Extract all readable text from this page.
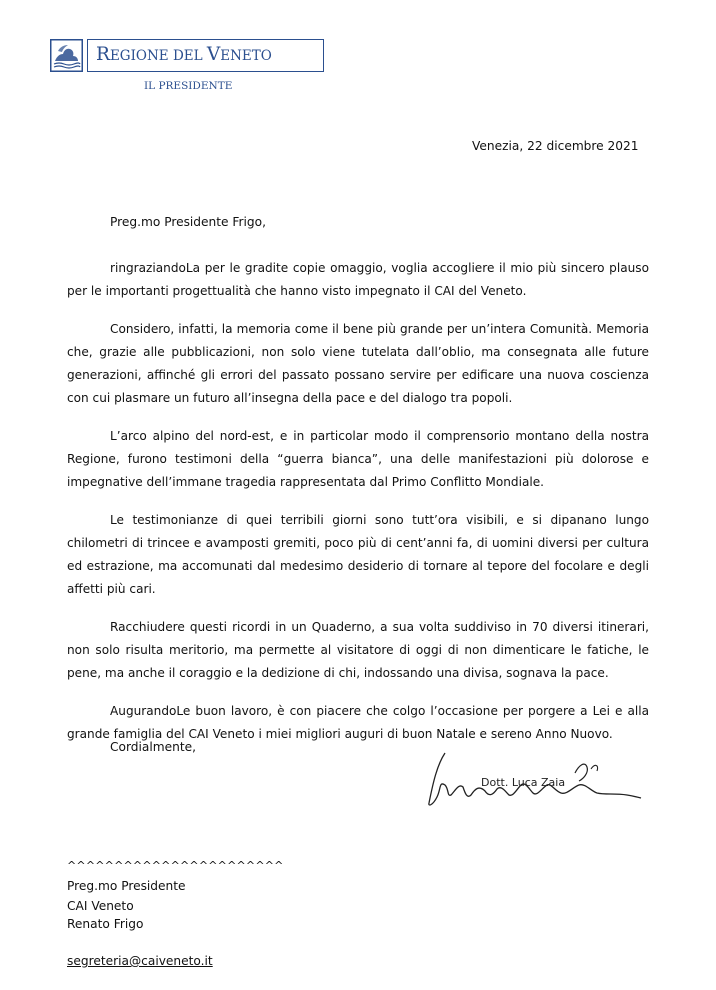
REGIONE DEL VENETO
IL PRESIDENTE
Venezia, 22 dicembre 2021
Preg.mo Presidente Frigo,

ringraziandoLa per le gradite copie omaggio, voglia accogliere il mio più sincero plauso per le importanti progettualità che hanno visto impegnato il CAI del Veneto.

Considero, infatti, la memoria come il bene più grande per un’intera Comunità. Memoria che, grazie alle pubblicazioni, non solo viene tutelata dall’oblio, ma consegnata alle future generazioni, affinché gli errori del passato possano servire per edificare una nuova coscienza con cui plasmare un futuro all’insegna della pace e del dialogo tra popoli.

L’arco alpino del nord-est, e in particolar modo il comprensorio montano della nostra Regione, furono testimoni della “guerra bianca”, una delle manifestazioni più dolorose e impegnative dell’immane tragedia rappresentata dal Primo Conflitto Mondiale.

Le testimonianze di quei terribili giorni sono tutt’ora visibili, e si dipanano lungo chilometri di trincee e avamposti gremiti, poco più di cent’anni fa, di uomini diversi per cultura ed estrazione, ma accomunati dal medesimo desiderio di tornare al tepore del focolare e degli affetti più cari.

Racchiudere questi ricordi in un Quaderno, a sua volta suddiviso in 70 diversi itinerari, non solo risulta meritorio, ma permette al visitatore di oggi di non dimenticare le fatiche, le pene, ma anche il coraggio e la dedizione di chi, indossando una divisa, sognava la pace.

AugurandoLe buon lavoro, è con piacere che colgo l’occasione per porgere a Lei e alla grande famiglia del CAI Veneto i miei migliori auguri di buon Natale e sereno Anno Nuovo.

Cordialmente,
Dott. Luca Zaia
^^^^^^^^^^^^^^^^^^^^^^^
Preg.mo Presidente
CAI Veneto
Renato Frigo
segreteria@caiveneto.it
